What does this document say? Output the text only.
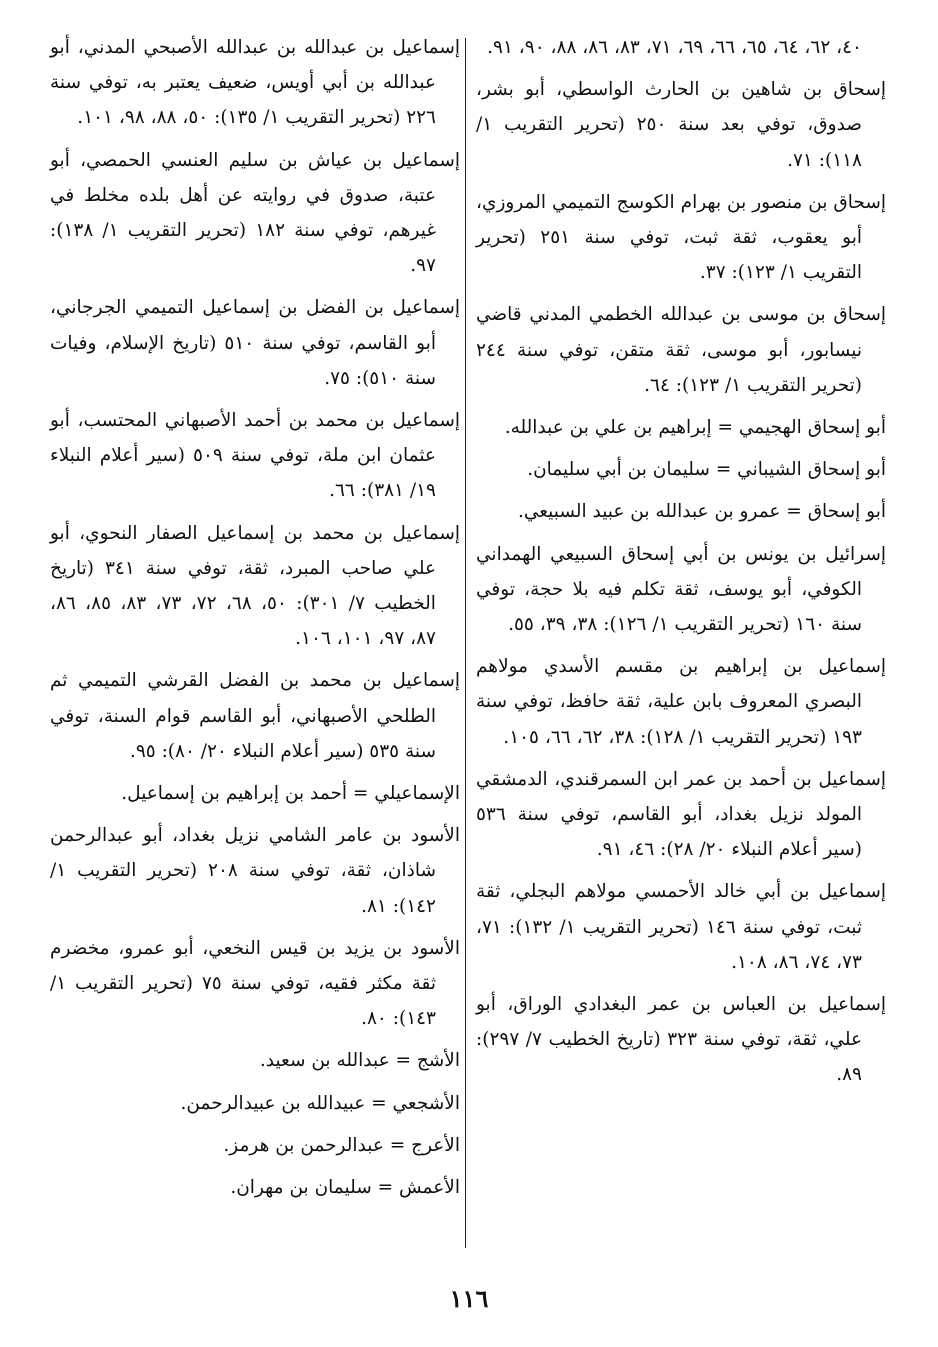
٤٠، ٦٢، ٦٤، ٦٥، ٦٦، ٦٩، ٧١، ٨٣، ٨٦، ٨٨، ٩٠، ٩١.

إسحاق بن شاهين بن الحارث الواسطي، أبو بشر، صدوق، توفي بعد سنة ٢٥٠ (تحرير التقريب ١/ ١١٨): ٧١.

إسحاق بن منصور بن بهرام الكوسج التميمي المروزي، أبو يعقوب، ثقة ثبت، توفي سنة ٢٥١ (تحرير التقريب ١/ ١٢٣): ٣٧.

إسحاق بن موسى بن عبدالله الخطمي المدني قاضي نيسابور، أبو موسى، ثقة متقن، توفي سنة ٢٤٤ (تحرير التقريب ١/ ١٢٣): ٦٤.

أبو إسحاق الهجيمي = إبراهيم بن علي بن عبدالله.

أبو إسحاق الشيباني = سليمان بن أبي سليمان.

أبو إسحاق = عمرو بن عبدالله بن عبيد السبيعي.

إسرائيل بن يونس بن أبي إسحاق السبيعي الهمداني الكوفي، أبو يوسف، ثقة تكلم فيه بلا حجة، توفي سنة ١٦٠ (تحرير التقريب ١/ ١٢٦): ٣٨، ٣٩، ٥٥.

إسماعيل بن إبراهيم بن مقسم الأسدي مولاهم البصري المعروف بابن علية، ثقة حافظ، توفي سنة ١٩٣ (تحرير التقريب ١/ ١٢٨): ٣٨، ٦٢، ٦٦، ١٠٥.

إسماعيل بن أحمد بن عمر ابن السمرقندي، الدمشقي المولد نزيل بغداد، أبو القاسم، توفي سنة ٥٣٦ (سير أعلام النبلاء ٢٠/ ٢٨): ٤٦، ٩١.

إسماعيل بن أبي خالد الأحمسي مولاهم البجلي، ثقة ثبت، توفي سنة ١٤٦ (تحرير التقريب ١/ ١٣٢): ٧١، ٧٣، ٧٤، ٨٦، ١٠٨.

إسماعيل بن العباس بن عمر البغدادي الوراق، أبو علي، ثقة، توفي سنة ٣٢٣ (تاريخ الخطيب ٧/ ٢٩٧): ٨٩.

إسماعيل بن عبدالله بن عبدالله الأصبحي المدني، أبو عبدالله بن أبي أويس، ضعيف يعتبر به، توفي سنة ٢٢٦ (تحرير التقريب ١/ ١٣٥): ٥٠، ٨٨، ٩٨، ١٠١.

إسماعيل بن عياش بن سليم العنسي الحمصي، أبو عتبة، صدوق في روايته عن أهل بلده مخلط في غيرهم، توفي سنة ١٨٢ (تحرير التقريب ١/ ١٣٨): ٩٧.

إسماعيل بن الفضل بن إسماعيل التميمي الجرجاني، أبو القاسم، توفي سنة ٥١٠ (تاريخ الإسلام، وفيات سنة ٥١٠): ٧٥.

إسماعيل بن محمد بن أحمد الأصبهاني المحتسب، أبو عثمان ابن ملة، توفي سنة ٥٠٩ (سير أعلام النبلاء ١٩/ ٣٨١): ٦٦.

إسماعيل بن محمد بن إسماعيل الصفار النحوي، أبو علي صاحب المبرد، ثقة، توفي سنة ٣٤١ (تاريخ الخطيب ٧/ ٣٠١): ٥٠، ٦٨، ٧٢، ٧٣، ٨٣، ٨٥، ٨٦، ٨٧، ٩٧، ١٠١، ١٠٦.

إسماعيل بن محمد بن الفضل القرشي التميمي ثم الطلحي الأصبهاني، أبو القاسم قوام السنة، توفي سنة ٥٣٥ (سير أعلام النبلاء ٢٠/ ٨٠): ٩٥.

الإسماعيلي = أحمد بن إبراهيم بن إسماعيل.

الأسود بن عامر الشامي نزيل بغداد، أبو عبدالرحمن شاذان، ثقة، توفي سنة ٢٠٨ (تحرير التقريب ١/ ١٤٢): ٨١.

الأسود بن يزيد بن قيس النخعي، أبو عمرو، مخضرم ثقة مكثر فقيه، توفي سنة ٧٥ (تحرير التقريب ١/ ١٤٣): ٨٠.

الأشج = عبدالله بن سعيد.

الأشجعي = عبيدالله بن عبيدالرحمن.

الأعرج = عبدالرحمن بن هرمز.

الأعمش = سليمان بن مهران.

١١٦
